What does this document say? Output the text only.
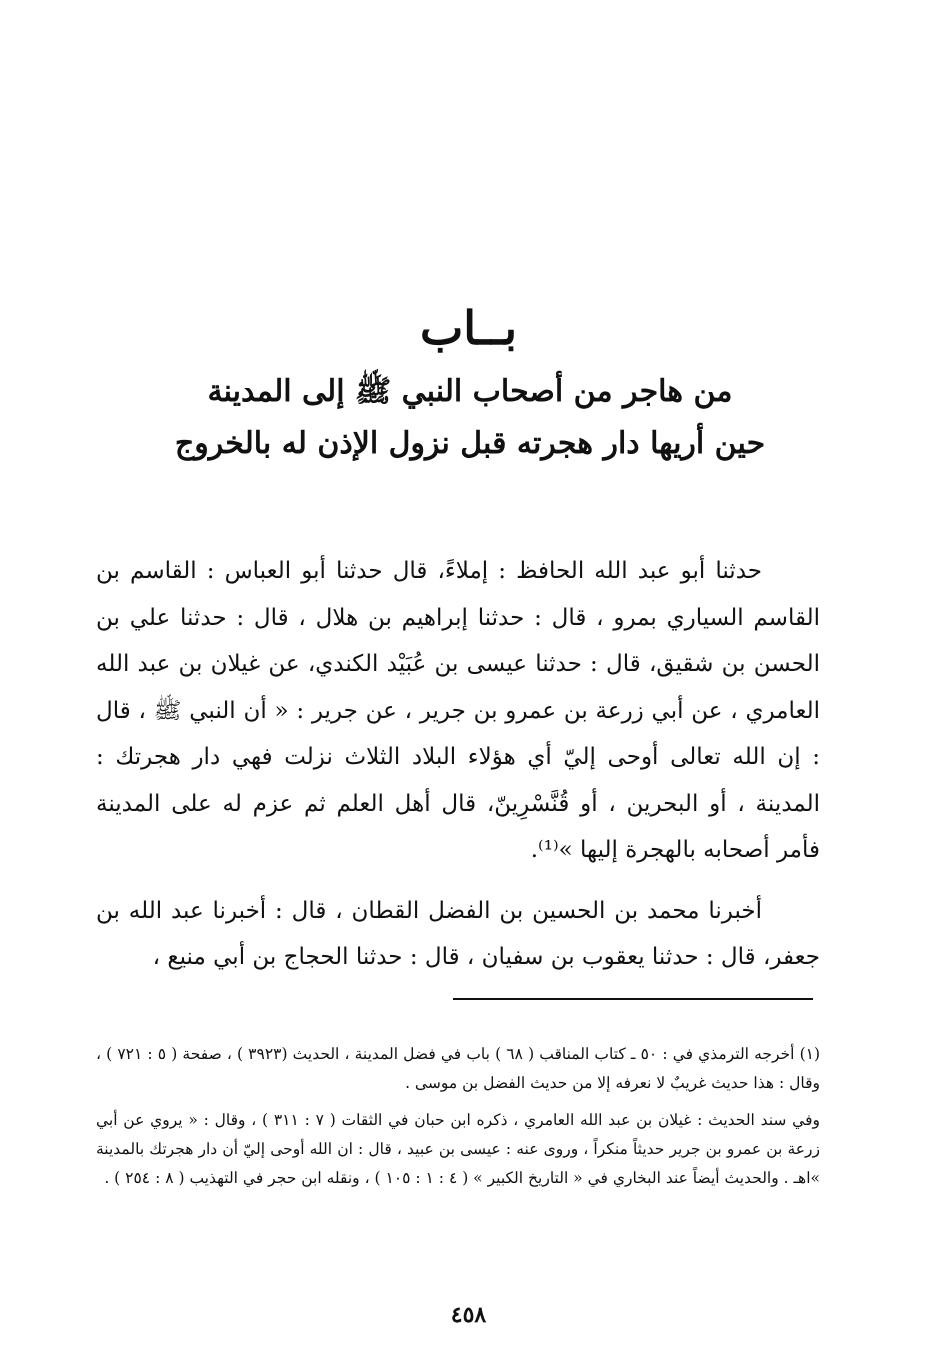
بــاب
من هاجر من أصحاب النبي ﷺ إلى المدينة
حين أريها دار هجرته قبل نزول الإذن له بالخروج

حدثنا أبو عبد الله الحافظ : إملاءً، قال حدثنا أبو العباس : القاسم بن القاسم السياري بمرو ، قال : حدثنا إبراهيم بن هلال ، قال : حدثنا علي بن الحسن بن شقيق، قال : حدثنا عيسى بن عُبَيْد الكندي، عن غيلان بن عبد الله العامري ، عن أبي زرعة بن عمرو بن جرير ، عن جرير : « أن النبي ﷺ ، قال : إن الله تعالى أوحى إليّ أي هؤلاء البلاد الثلاث نزلت فهي دار هجرتك : المدينة ، أو البحرين ، أو قُنَّسْرِينّ، قال أهل العلم ثم عزم له على المدينة فأمر أصحابه بالهجرة إليها »⁽¹⁾.

أخبرنا محمد بن الحسين بن الفضل القطان ، قال : أخبرنا عبد الله بن جعفر، قال : حدثنا يعقوب بن سفيان ، قال : حدثنا الحجاج بن أبي منيع ،

(١) أخرجه الترمذي في : ٥٠ ـ كتاب المناقب ( ٦٨ ) باب في فضل المدينة ، الحديث (٣٩٢٣ ) ، صفحة ( ٥ : ٧٢١ ) ، وقال : هذا حديث غريبٌ لا نعرفه إلا من حديث الفضل بن موسى .

وفي سند الحديث : غيلان بن عبد الله العامري ، ذكره ابن حبان في الثقات ( ٧ : ٣١١ ) ، وقال : « يروي عن أبي زرعة بن عمرو بن جرير حديثاً منكراً ، وروى عنه : عيسى بن عبيد ، قال : ان الله أوحى إليّ أن دار هجرتك بالمدينة »اهـ . والحديث أيضاً عند البخاري في « التاريخ الكبير » ( ٤ : ١ : ١٠٥ ) ، ونقله ابن حجر في التهذيب ( ٨ : ٢٥٤ ) .

٤٥٨
